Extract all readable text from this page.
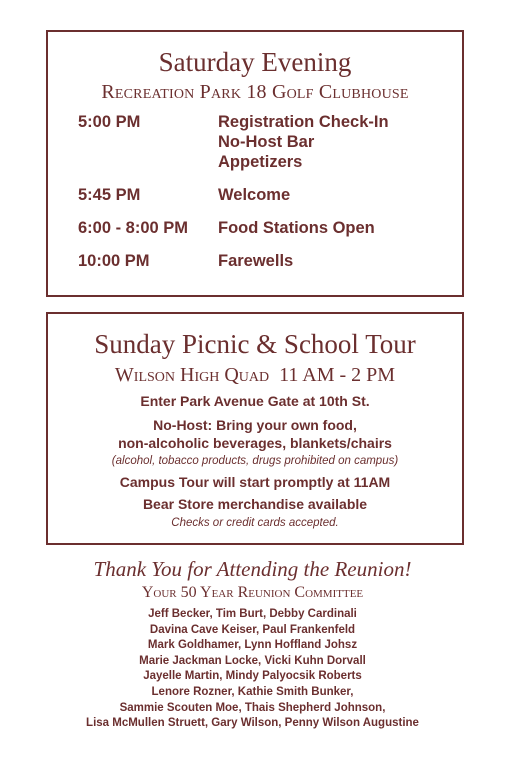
Saturday Evening
Recreation Park 18 Golf Clubhouse
5:00 PM	Registration Check-In
No-Host Bar
Appetizers
5:45 PM	Welcome
6:00 - 8:00 PM	Food Stations Open
10:00 PM	Farewells
Sunday Picnic & School Tour
Wilson High Quad 11 AM - 2 PM
Enter Park Avenue Gate at 10th St.
No-Host: Bring your own food,
non-alcoholic beverages, blankets/chairs
(alcohol, tobacco products, drugs prohibited on campus)
Campus Tour will start promptly at 11AM
Bear Store merchandise available
Checks or credit cards accepted.
Thank You for Attending the Reunion!
Your 50 Year Reunion Committee
Jeff Becker, Tim Burt, Debby Cardinali
Davina Cave Keiser, Paul Frankenfeld
Mark Goldhamer, Lynn Hoffland Johsz
Marie Jackman Locke, Vicki Kuhn Dorvall
Jayelle Martin, Mindy Palyocsik Roberts
Lenore Rozner, Kathie Smith Bunker,
Sammie Scouten Moe, Thais Shepherd Johnson,
Lisa McMullen Struett, Gary Wilson, Penny Wilson Augustine
